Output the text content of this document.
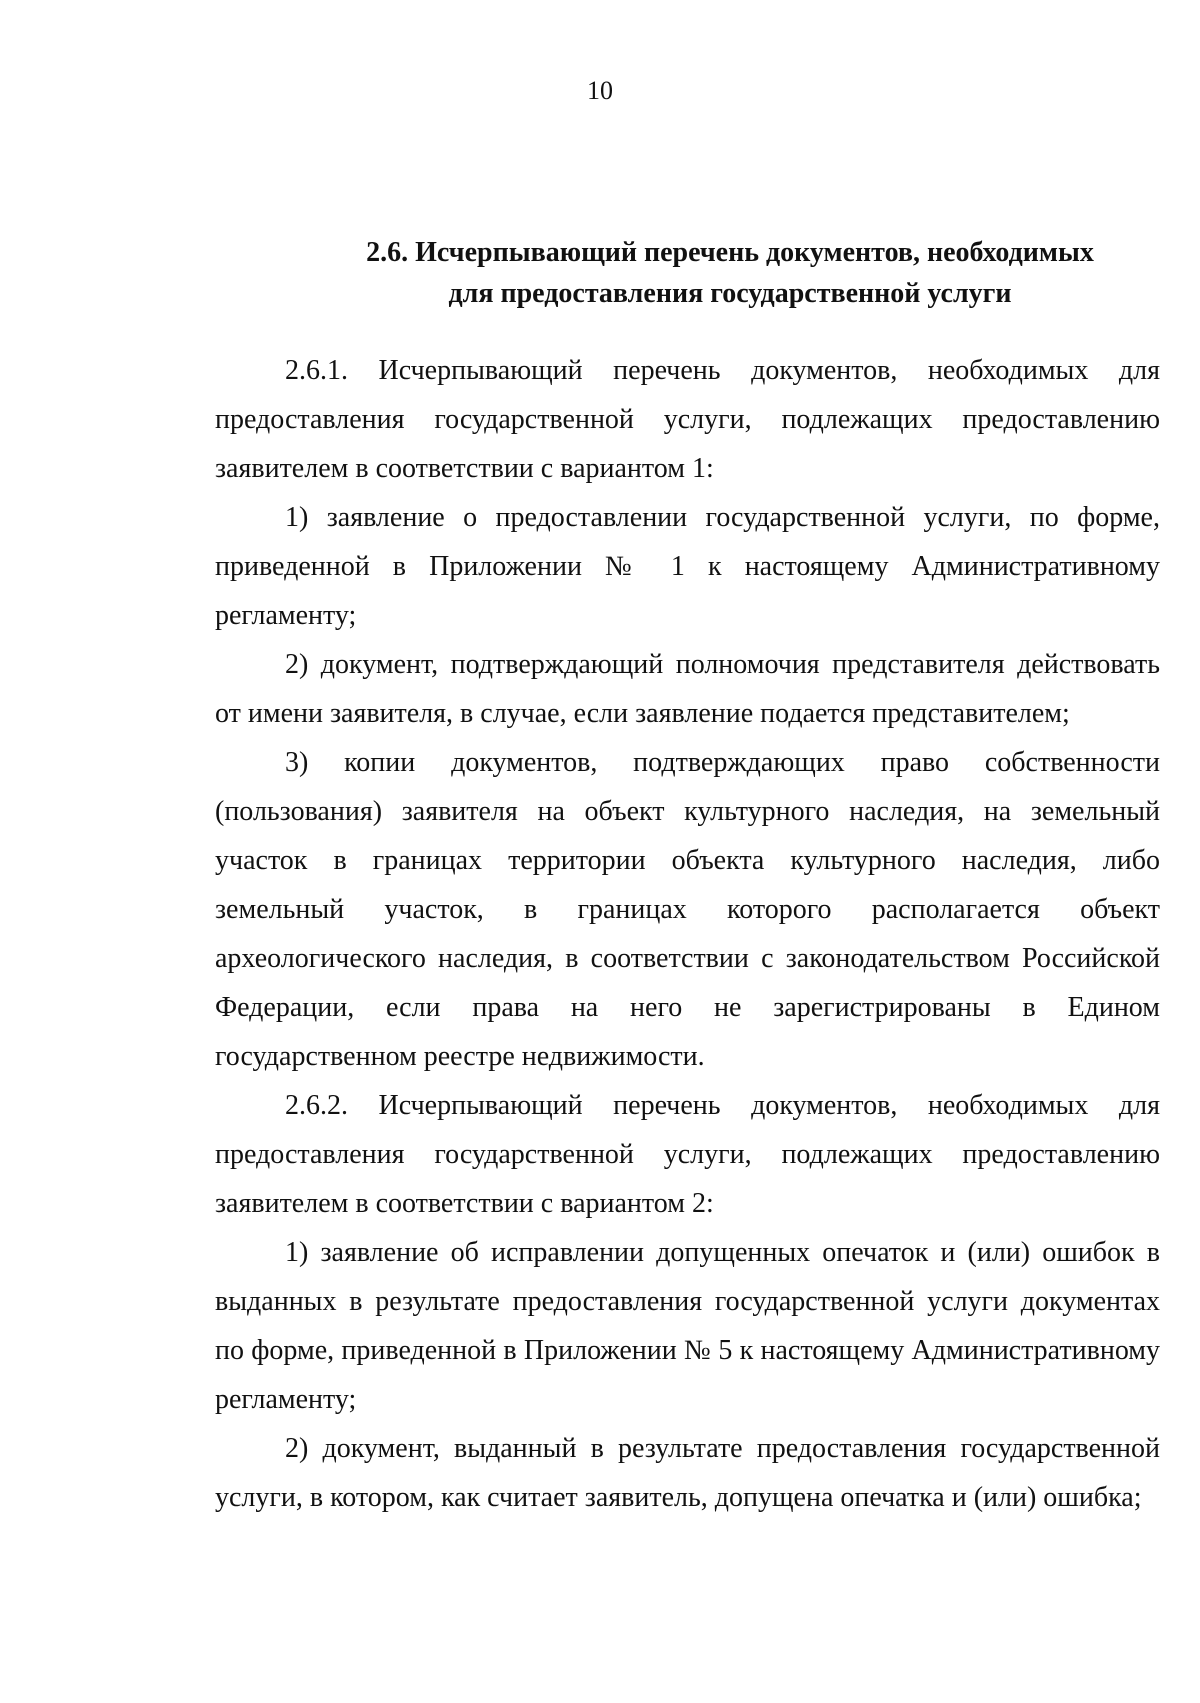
10
2.6. Исчерпывающий перечень документов, необходимых
для предоставления государственной услуги

2.6.1. Исчерпывающий перечень документов, необходимых для предоставления государственной услуги, подлежащих предоставлению заявителем в соответствии с вариантом 1:

1) заявление о предоставлении государственной услуги, по форме, приведенной в Приложении № 1 к настоящему Административному регламенту;

2) документ, подтверждающий полномочия представителя действовать от имени заявителя, в случае, если заявление подается представителем;

3) копии документов, подтверждающих право собственности (пользования) заявителя на объект культурного наследия, на земельный участок в границах территории объекта культурного наследия, либо земельный участок, в границах которого располагается объект археологического наследия, в соответствии с законодательством Российской Федерации, если права на него не зарегистрированы в Едином государственном реестре недвижимости.

2.6.2. Исчерпывающий перечень документов, необходимых для предоставления государственной услуги, подлежащих предоставлению заявителем в соответствии с вариантом 2:

1) заявление об исправлении допущенных опечаток и (или) ошибок в выданных в результате предоставления государственной услуги документах по форме, приведенной в Приложении № 5 к настоящему Административному регламенту;

2) документ, выданный в результате предоставления государственной услуги, в котором, как считает заявитель, допущена опечатка и (или) ошибка;
